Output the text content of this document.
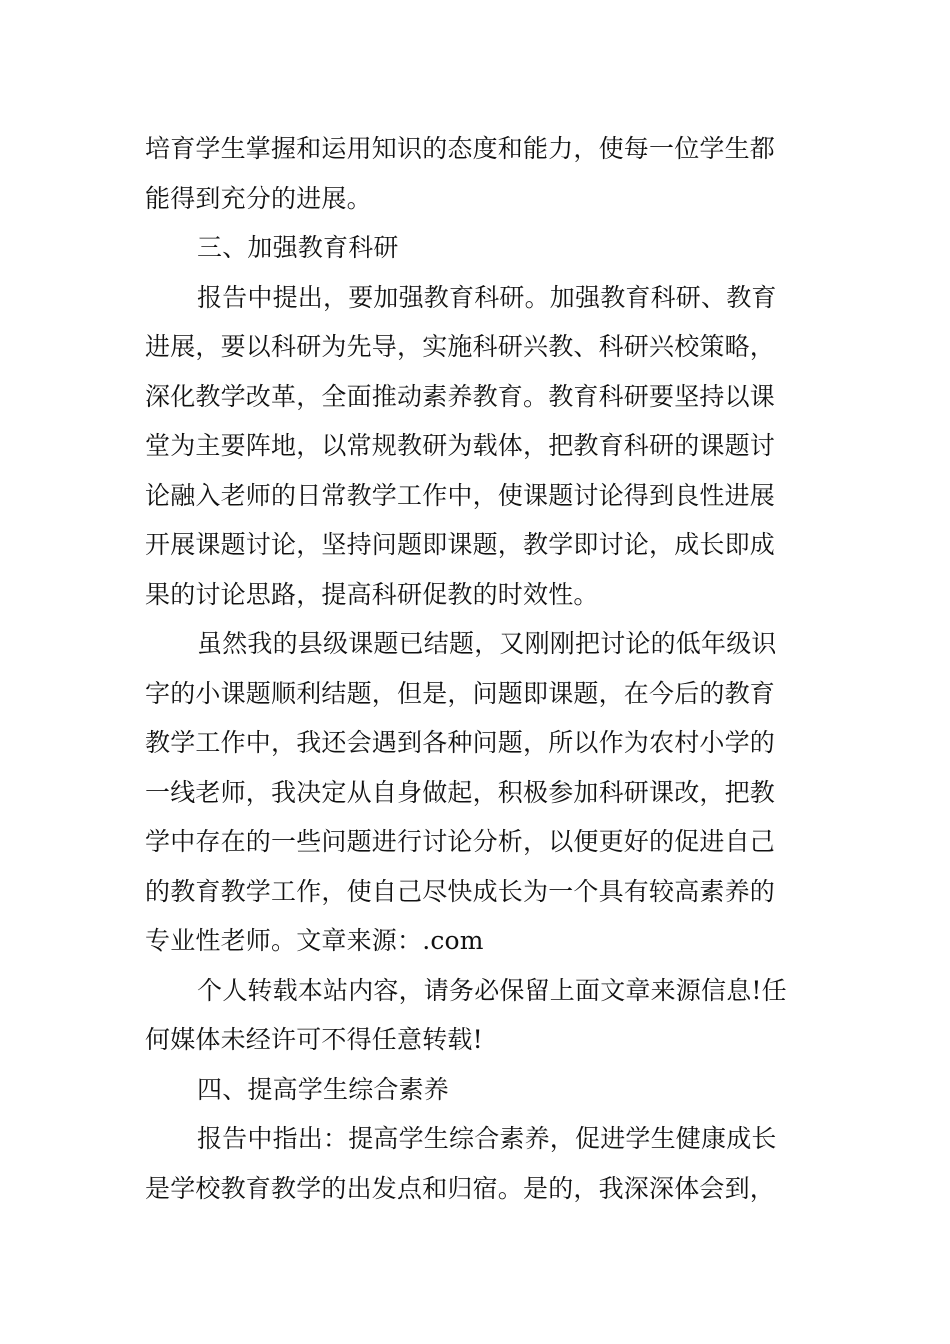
培育学生掌握和运用知识的态度和能力，使每一位学生都
能得到充分的进展。
三、加强教育科研
报告中提出，要加强教育科研。加强教育科研、教育
进展，要以科研为先导，实施科研兴教、科研兴校策略，
深化教学改革，全面推动素养教育。教育科研要坚持以课
堂为主要阵地，以常规教研为载体，把教育科研的课题讨
论融入老师的日常教学工作中，使课题讨论得到良性进展
开展课题讨论，坚持问题即课题，教学即讨论，成长即成
果的讨论思路，提高科研促教的时效性。
虽然我的县级课题已结题，又刚刚把讨论的低年级识
字的小课题顺利结题，但是，问题即课题，在今后的教育
教学工作中，我还会遇到各种问题，所以作为农村小学的
一线老师，我决定从自身做起，积极参加科研课改，把教
学中存在的一些问题进行讨论分析，以便更好的促进自己
的教育教学工作，使自己尽快成长为一个具有较高素养的
专业性老师。文章来源：.com
个人转载本站内容，请务必保留上面文章来源信息!任
何媒体未经许可不得任意转载!
四、提高学生综合素养
报告中指出：提高学生综合素养，促进学生健康成长
是学校教育教学的出发点和归宿。是的，我深深体会到，
